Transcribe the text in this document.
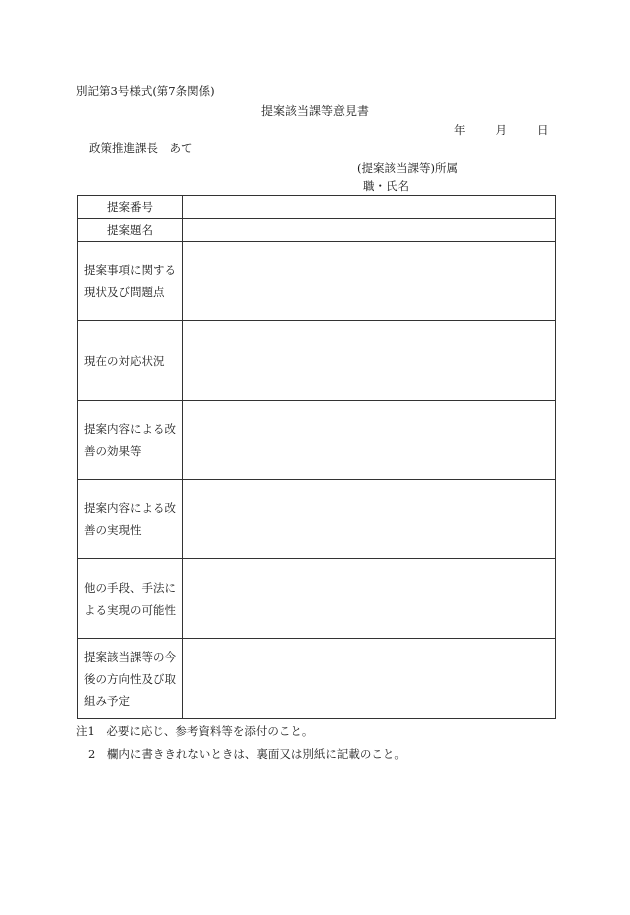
別記第3号様式(第7条関係)
提案該当課等意見書
年	月	日
政策推進課長　あて
(提案該当課等)所属
職・氏名
提案番号	
提案題名	

提案事項に関する現状及び問題点	

現在の対応状況	

提案内容による改善の効果等	

提案内容による改善の実現性	

他の手段、手法による実現の可能性	

提案該当課等の今後の方向性及び取組み予定	

注1　必要に応じ、参考資料等を添付のこと。
2　欄内に書ききれないときは、裏面又は別紙に記載のこと。
